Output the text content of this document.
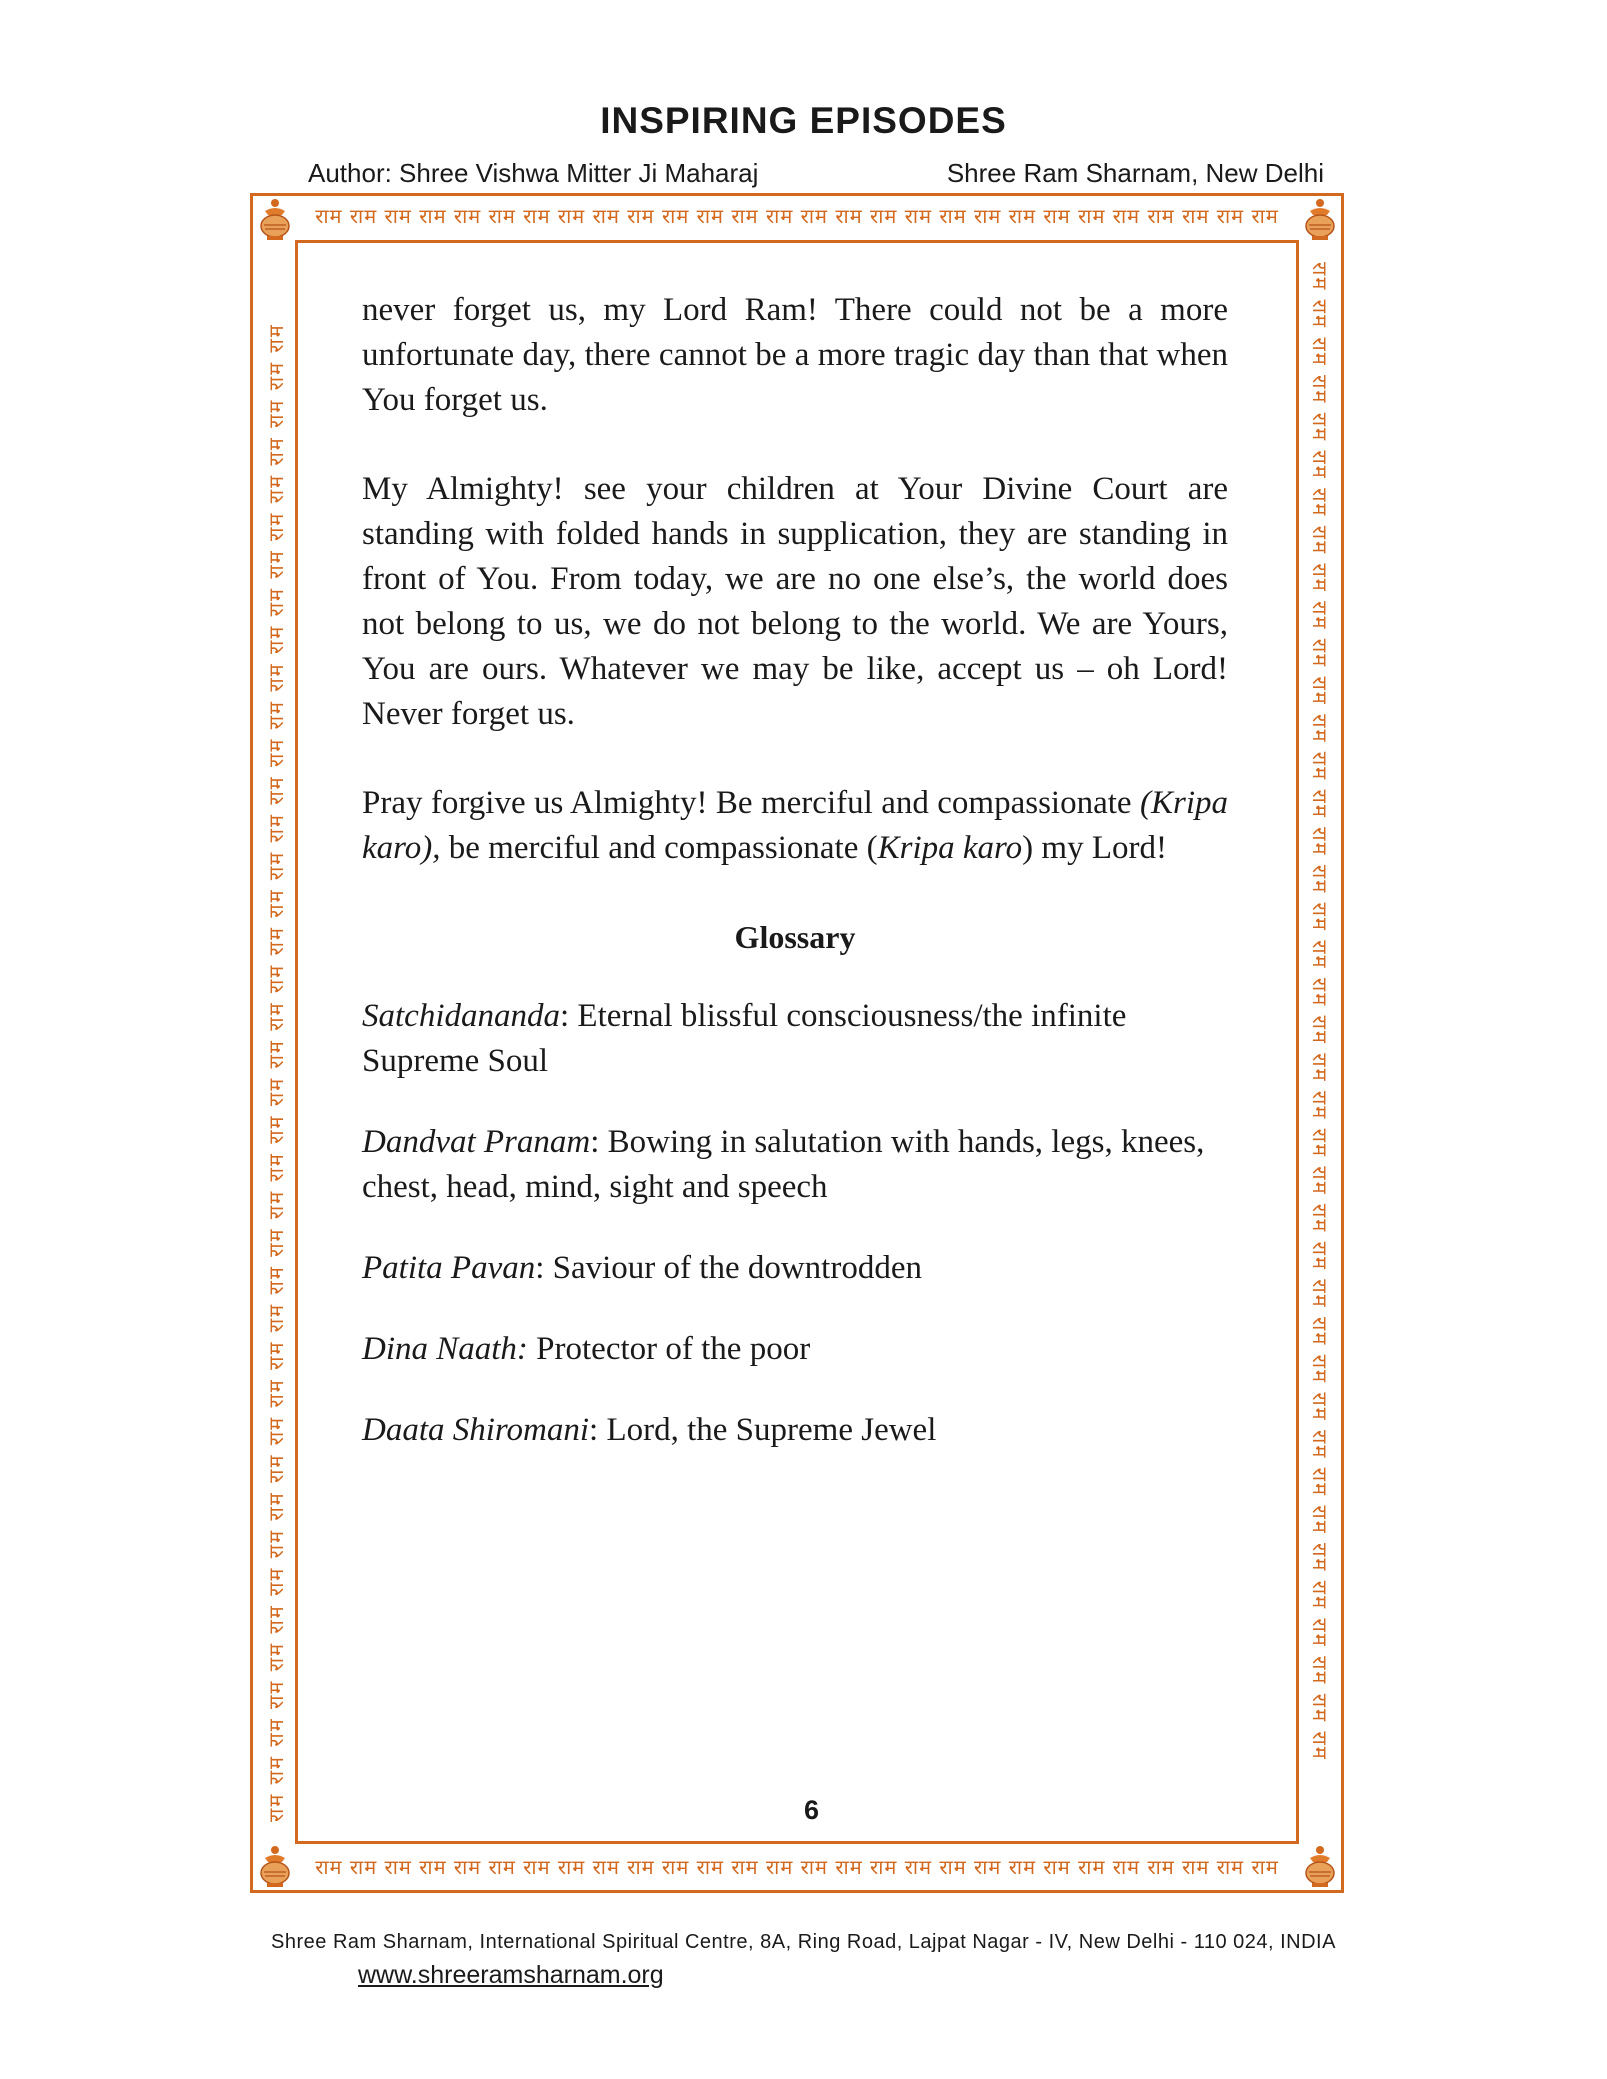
INSPIRING EPISODES
Author: Shree Vishwa Mitter Ji Maharaj	Shree Ram Sharnam, New Delhi
राम राम राम राम राम राम राम राम राम राम राम राम राम राम राम राम राम राम राम राम राम राम राम राम राम राम राम राम
राम राम राम राम राम राम राम राम राम राम राम राम राम राम राम राम राम राम राम राम राम राम राम राम राम राम राम राम
राम राम राम राम राम राम राम राम राम राम राम राम राम राम राम राम राम राम राम राम राम राम राम राम राम राम राम राम राम राम राम राम राम राम राम राम राम राम राम राम	राम राम राम राम राम राम राम राम राम राम राम राम राम राम राम राम राम राम राम राम राम राम राम राम राम राम राम राम राम राम राम राम राम राम राम राम राम राम राम राम

never forget us, my Lord Ram! There could not be a more unfortunate day, there cannot be a more tragic day than that when You forget us.

My Almighty! see your children at Your Divine Court are standing with folded hands in supplication, they are standing in front of You. From today, we are no one else’s, the world does not belong to us, we do not belong to the world. We are Yours, You are ours. Whatever we may be like, accept us – oh Lord! Never forget us.

Pray forgive us Almighty! Be merciful and compassionate (Kripa karo), be merciful and compassionate (Kripa karo) my Lord!

Glossary

Satchidananda: Eternal blissful consciousness/the infinite Supreme Soul

Dandvat Pranam: Bowing in salutation with hands, legs, knees, chest, head, mind, sight and speech

Patita Pavan: Saviour of the downtrodden

Dina Naath: Protector of the poor

Daata Shiromani: Lord, the Supreme Jewel

6
Shree Ram Sharnam, International Spiritual Centre, 8A, Ring Road, Lajpat Nagar - IV, New Delhi - 110 024, INDIA
www.shreeramsharnam.org
